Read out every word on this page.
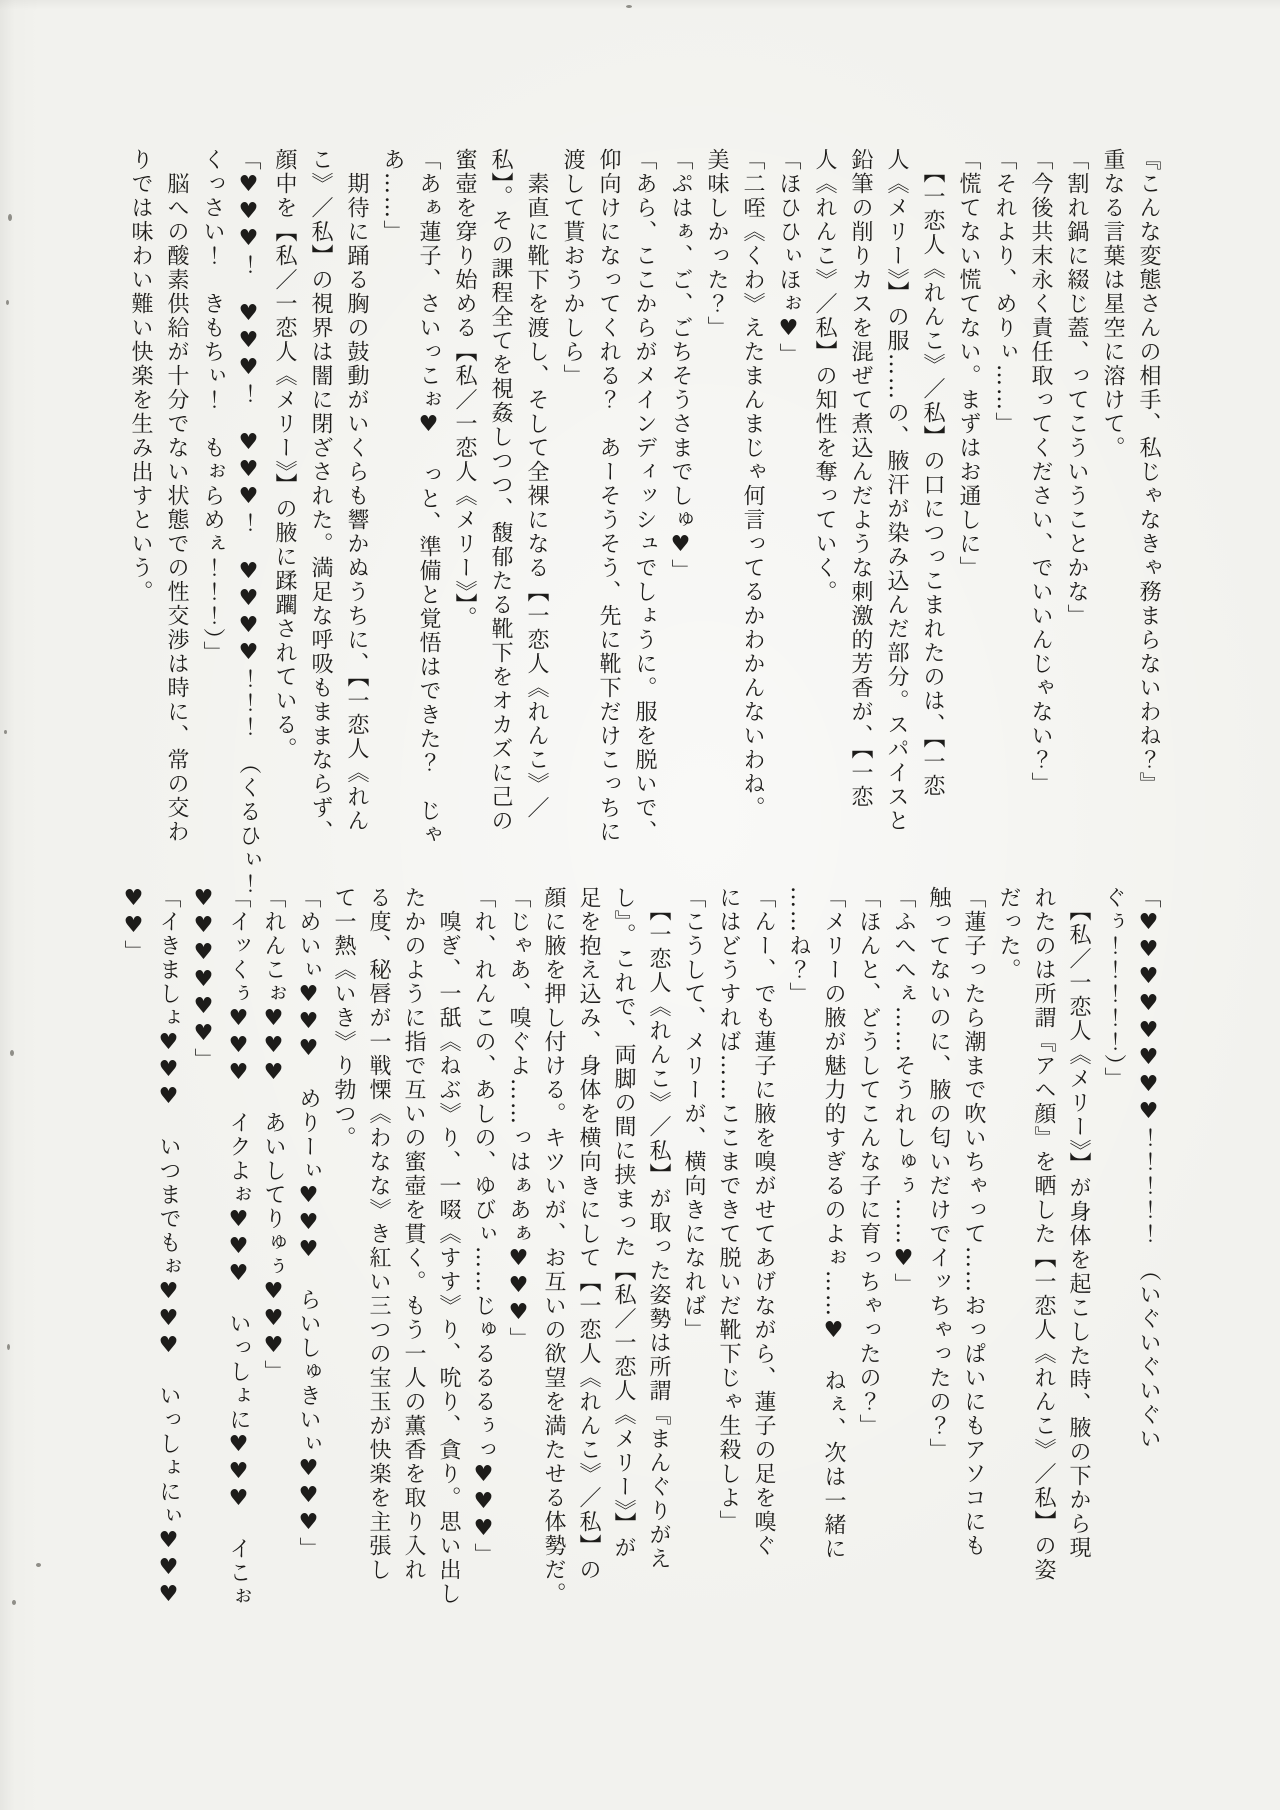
『こんな変態さんの相手、私じゃなきゃ務まらないわね？』
重なる言葉は星空に溶けて。
「割れ鍋に綴じ蓋、ってこういうことかな」
「今後共末永く責任取ってください、でいいんじゃない？」
「それより、めりぃ……」
「慌てない慌てない。まずはお通しに」
　【一恋人《れんこ》／私】の口につっこまれたのは、【一恋
人《メリー》】の服……の、腋汗が染み込んだ部分。スパイスと
鉛筆の削りカスを混ぜて煮込んだような刺激的芳香が、【一恋
人《れんこ》／私】の知性を奪っていく。
「ほひひぃほぉ♥」
「二咥《くわ》えたまんまじゃ何言ってるかわかんないわね。
美味しかった？」
「ぷはぁ、ご、ごちそうさまでしゅ♥」
「あら、ここからがメインディッシュでしょうに。服を脱いで、
仰向けになってくれる？　あーそうそう、先に靴下だけこっちに
渡して貰おうかしら」
　素直に靴下を渡し、そして全裸になる【一恋人《れんこ》／
私】。その課程全てを視姦しつつ、馥郁たる靴下をオカズに己の
蜜壺を穿り始める【私／一恋人《メリー》】。
「あぁ蓮子、さいっこぉ♥　っと、準備と覚悟はできた？　じゃ
あ……」
　期待に踊る胸の鼓動がいくらも響かぬうちに、【一恋人《れん
こ》／私】の視界は闇に閉ざされた。満足な呼吸もままならず、
顔中を【私／一恋人《メリー》】の腋に蹂躙されている。
「♥♥♥！　♥♥♥！　♥♥♥！　♥♥♥♥！！！　（くるひぃ！
くっさい！　きもちぃ！　もぉらめぇ！！！）」
　脳への酸素供給が十分でない状態での性交渉は時に、常の交わ
りでは味わい難い快楽を生み出すという。
「♥♥♥♥♥♥♥♥！！！！！　（いぐいぐいぐい
ぐぅ！！！！！）」
　【私／一恋人《メリー》】が身体を起こした時、腋の下から現
れたのは所謂『アヘ顔』を晒した【一恋人《れんこ》／私】の姿
だった。
「蓮子ったら潮まで吹いちゃって……おっぱいにもアソコにも
触ってないのに、腋の匂いだけでイッちゃったの？」
「ふへへぇ……そうれしゅぅ……♥」
「ほんと、どうしてこんな子に育っちゃったの？」
「メリーの腋が魅力的すぎるのよぉ……♥　ねぇ、次は一緒に
……ね？」
「んー、でも蓮子に腋を嗅がせてあげながら、蓮子の足を嗅ぐ
にはどうすれば……ここまできて脱いだ靴下じゃ生殺しよ」
「こうして、メリーが、横向きになれば」
　【一恋人《れんこ》／私】が取った姿勢は所謂『まんぐりがえ
し』。これで、両脚の間に挟まった【私／一恋人《メリー》】が
足を抱え込み、身体を横向きにして【一恋人《れんこ》／私】の
顔に腋を押し付ける。キツいが、お互いの欲望を満たせる体勢だ。
「じゃあ、嗅ぐよ……っはぁあぁ♥♥♥」
「れ、れんこの、あしの、ゆびぃ……じゅるるるぅっ♥♥♥」
　嗅ぎ、一舐《ねぶ》り、一啜《すす》り、吮り、貪り。思い出し
たかのように指で互いの蜜壺を貫く。もう一人の薫香を取り入れ
る度、秘唇が一戦慄《わなな》き紅い三つの宝玉が快楽を主張し
て一熱《いき》り勃つ。
「めいぃ♥♥♥　めりーぃ♥♥♥　らいしゅきいぃ♥♥♥」
「れんこぉ♥♥♥　あいしてりゅぅ♥♥♥」
「イッくぅ♥♥♥　イクよぉ♥♥♥　いっしょに♥♥♥　イこぉ
♥♥♥♥♥♥」
「イきましょ♥♥♥　いつまでもぉ♥♥♥　いっしょにぃ♥♥♥
♥♥」
